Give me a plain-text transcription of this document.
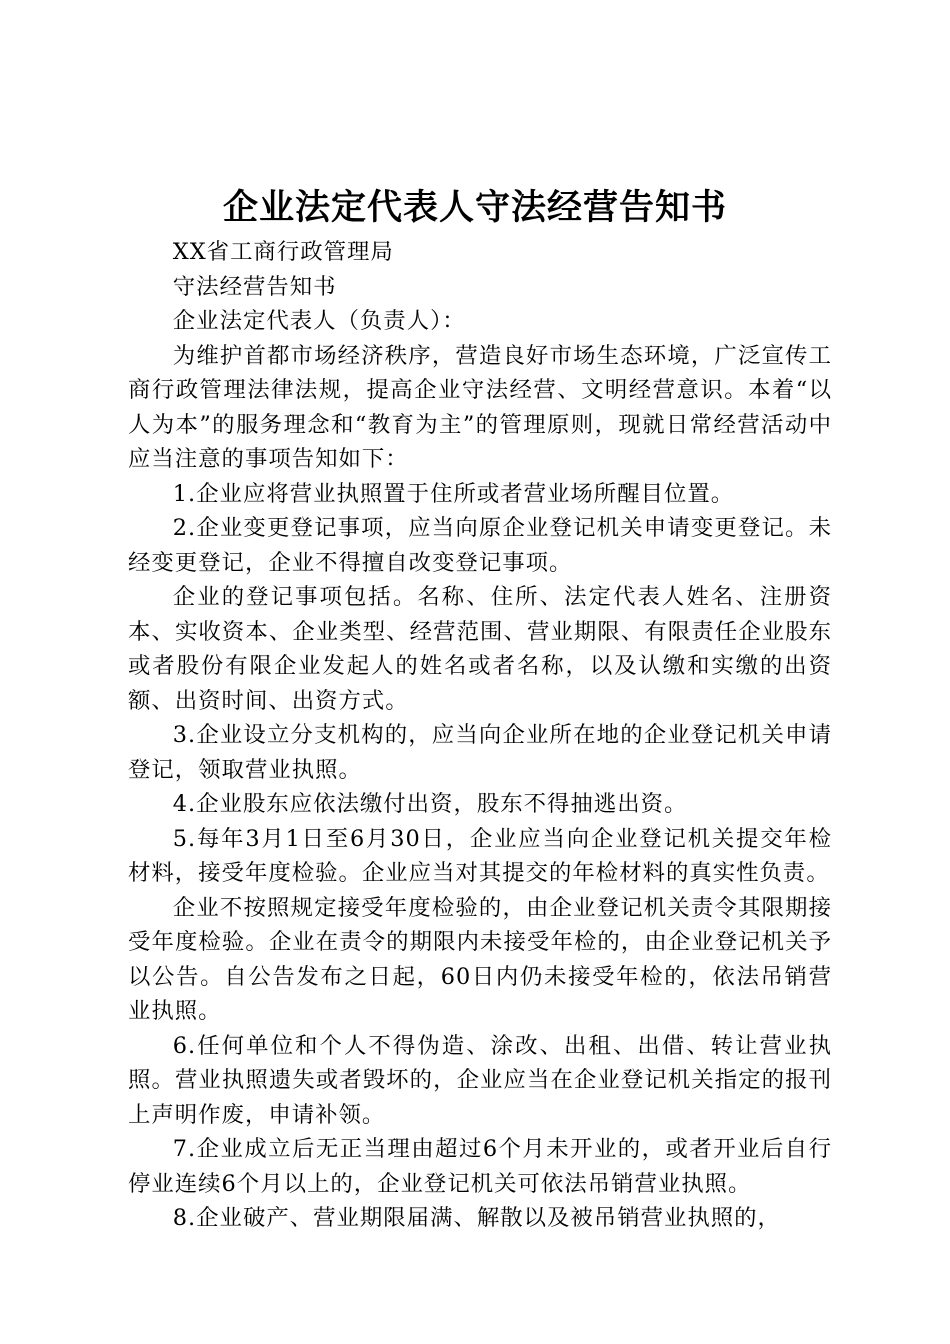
企业法定代表人守法经营告知书

XX省工商行政管理局

守法经营告知书

企业法定代表人（负责人）：

为维护首都市场经济秩序，营造良好市场生态环境，广泛宣传工商行政管理法律法规，提高企业守法经营、文明经营意识。本着“以人为本”的服务理念和“教育为主”的管理原则，现就日常经营活动中应当注意的事项告知如下：

1.企业应将营业执照置于住所或者营业场所醒目位置。

2.企业变更登记事项，应当向原企业登记机关申请变更登记。未经变更登记，企业不得擅自改变登记事项。

企业的登记事项包括。名称、住所、法定代表人姓名、注册资本、实收资本、企业类型、经营范围、营业期限、有限责任企业股东或者股份有限企业发起人的姓名或者名称，以及认缴和实缴的出资额、出资时间、出资方式。

3.企业设立分支机构的，应当向企业所在地的企业登记机关申请登记，领取营业执照。

4.企业股东应依法缴付出资，股东不得抽逃出资。

5.每年3月1日至6月30日，企业应当向企业登记机关提交年检材料，接受年度检验。企业应当对其提交的年检材料的真实性负责。

企业不按照规定接受年度检验的，由企业登记机关责令其限期接受年度检验。企业在责令的期限内未接受年检的，由企业登记机关予以公告。自公告发布之日起，60日内仍未接受年检的，依法吊销营业执照。

6.任何单位和个人不得伪造、涂改、出租、出借、转让营业执照。营业执照遗失或者毁坏的，企业应当在企业登记机关指定的报刊上声明作废，申请补领。

7.企业成立后无正当理由超过6个月未开业的，或者开业后自行停业连续6个月以上的，企业登记机关可依法吊销营业执照。

8.企业破产、营业期限届满、解散以及被吊销营业执照的，
